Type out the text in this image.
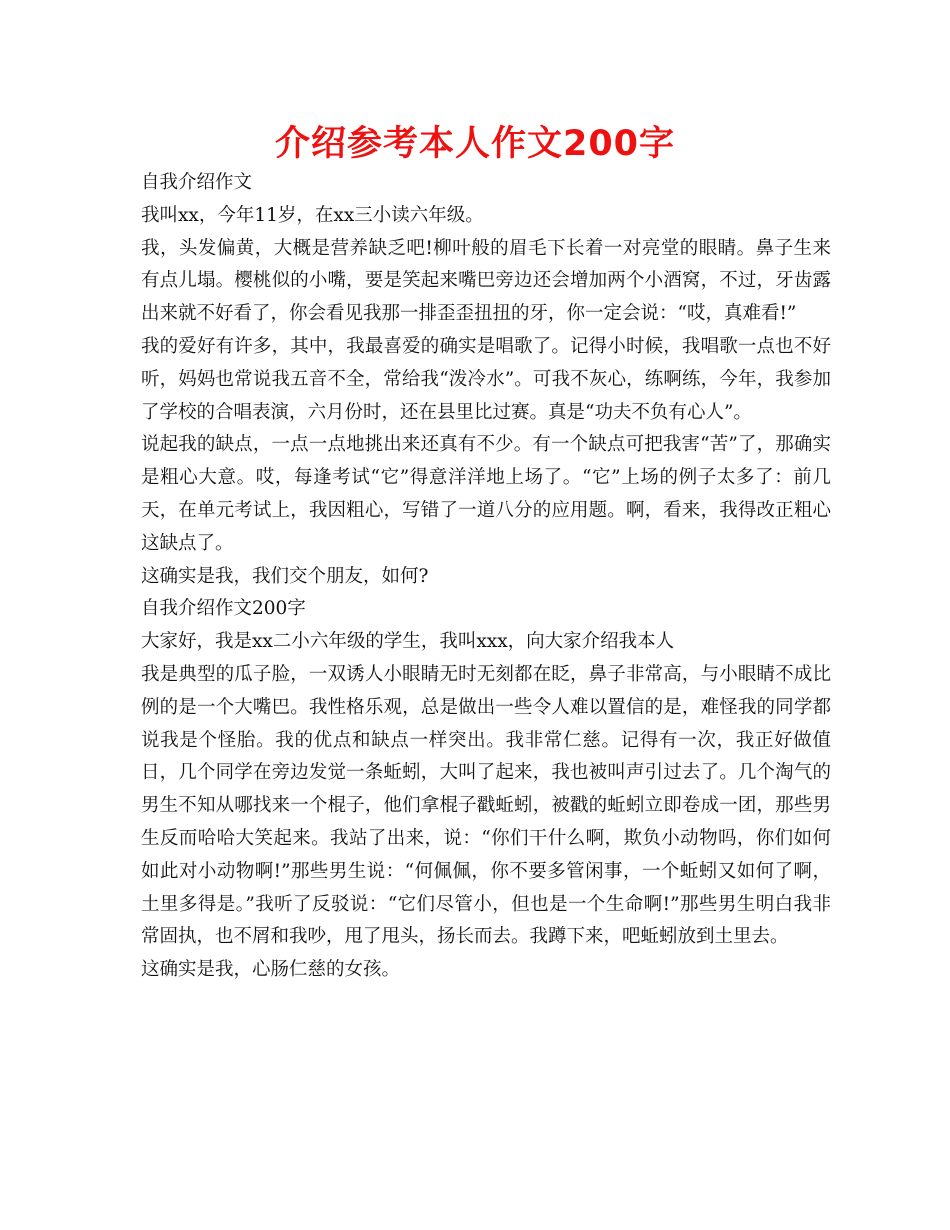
介绍参考本人作文200字

自我介绍作文

我叫xx，今年11岁，在xx三小读六年级。

我，头发偏黄，大概是营养缺乏吧!柳叶般的眉毛下长着一对亮堂的眼睛。鼻子生来有点儿塌。樱桃似的小嘴，要是笑起来嘴巴旁边还会增加两个小酒窝，不过，牙齿露出来就不好看了，你会看见我那一排歪歪扭扭的牙，你一定会说：“哎，真难看!”

我的爱好有许多，其中，我最喜爱的确实是唱歌了。记得小时候，我唱歌一点也不好听，妈妈也常说我五音不全，常给我“泼冷水”。可我不灰心，练啊练，今年，我参加了学校的合唱表演，六月份时，还在县里比过赛。真是“功夫不负有心人”。

说起我的缺点，一点一点地挑出来还真有不少。有一个缺点可把我害“苦”了，那确实是粗心大意。哎，每逢考试“它”得意洋洋地上场了。“它”上场的例子太多了：前几天，在单元考试上，我因粗心，写错了一道八分的应用题。啊，看来，我得改正粗心这缺点了。

这确实是我，我们交个朋友，如何?

自我介绍作文200字

大家好，我是xx二小六年级的学生，我叫xxx，向大家介绍我本人

我是典型的瓜子脸，一双诱人小眼睛无时无刻都在眨，鼻子非常高，与小眼睛不成比例的是一个大嘴巴。我性格乐观，总是做出一些令人难以置信的是，难怪我的同学都说我是个怪胎。我的优点和缺点一样突出。我非常仁慈。记得有一次，我正好做值日，几个同学在旁边发觉一条蚯蚓，大叫了起来，我也被叫声引过去了。几个淘气的男生不知从哪找来一个棍子，他们拿棍子戳蚯蚓，被戳的蚯蚓立即卷成一团，那些男生反而哈哈大笑起来。我站了出来，说：“你们干什么啊，欺负小动物吗，你们如何如此对小动物啊!”那些男生说：“何佩佩，你不要多管闲事，一个蚯蚓又如何了啊，土里多得是。”我听了反驳说：“它们尽管小，但也是一个生命啊!”那些男生明白我非常固执，也不屑和我吵，甩了甩头，扬长而去。我蹲下来，吧蚯蚓放到土里去。

这确实是我，心肠仁慈的女孩。
